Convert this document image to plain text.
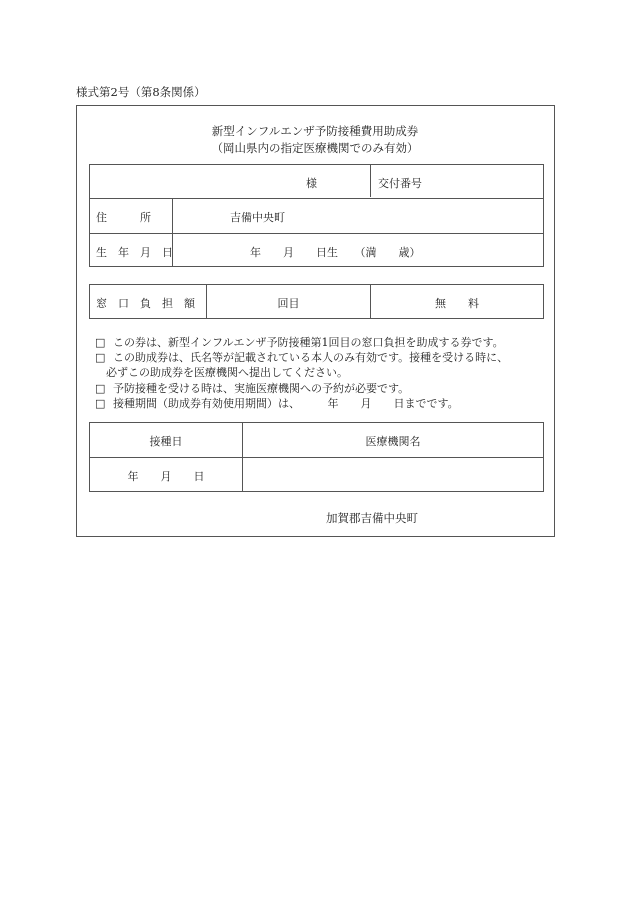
様式第2号（第8条関係）
新型インフルエンザ予防接種費用助成券
（岡山県内の指定医療機関でのみ有効）
様	交付番号
住　　　所	吉備中央町
生　年　月　日	年　　月　　日生　　（満　　歳）
窓　口　負　担　額	回目	無　　料
□ この券は、新型インフルエンザ予防接種第1回目の窓口負担を助成する券です。
□ この助成券は、氏名等が記載されている本人のみ有効です。接種を受ける時に、
必ずこの助成券を医療機関へ提出してください。
□ 予防接種を受ける時は、実施医療機関への予約が必要です。
□ 接種期間（助成券有効使用期間）は、　　　年　　月　　日までです。
接種日	医療機関名
年　　月　　日
加賀郡吉備中央町
